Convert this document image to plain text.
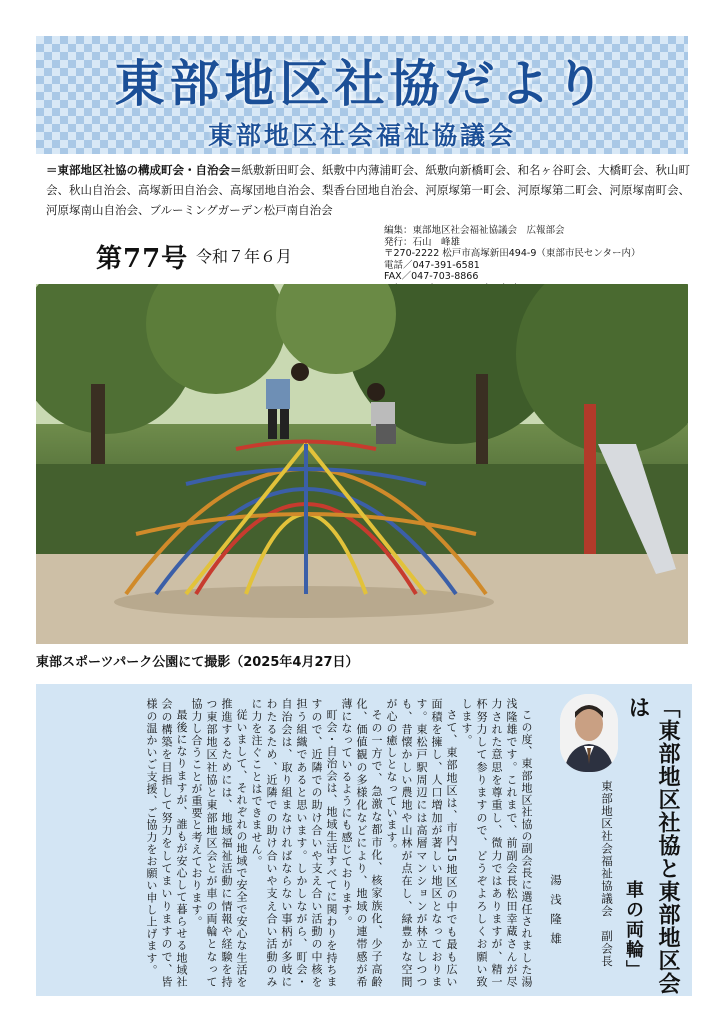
東部地区社協だより
東部地区社会福祉協議会
＝東部地区社協の構成町会・自治会＝紙敷新田町会、紙敷中内薄浦町会、紙敷向新橋町会、和名ヶ谷町会、大橋町会、秋山町会、秋山自治会、高塚新田自治会、高塚団地自治会、梨香台団地自治会、河原塚第一町会、河原塚第二町会、河原塚南町会、河原塚南山自治会、ブルーミングガーデン松戸南自治会
第77号 令和７年６月
編集：東部地区社会福祉協議会　広報部会
発行：石山　峰雄
〒270-2222 松戸市高塚新田494-9（東部市民センター内）
電話／047-391-6581
FAX／047-703-8866
東部スポーツパーク公園にて撮影（2025年4月27日）
「東部地区社協と東部地区会は
車の両輪」
東部地区社会福祉協議会　副会長
湯浅隆雄

この度、東部地区社協の副会長に選任されました湯浅隆雄です。これまで、前副会長松田幸蔵さんが尽力された意思を尊重し、微力ではありますが、精一杯努力して参りますので、どうぞよろしくお願い致します。

さて、東部地区は、市内15地区の中でも最も広い面積を擁し、人口増加が著しい地区となっております。東松戸駅周辺には高層マンションが林立しつつも、昔懐かしい農地や山林が点在し、緑豊かな空間が心の癒しとなっています。

その一方で、急激な都市化、核家族化、少子高齢化、価値観の多様化などにより、地域の連帯感が希薄になっているようにも感じております。

町会・自治会は、地域生活すべてに関わりを持ちますので、近隣での助け合いや支え合い活動の中核を担う組織であると思います。しかしながら、町会・自治会は、取り組まなければならない事柄が多岐にわたるため、近隣での助け合いや支え合い活動のみに力を注ぐことはできません。

従いまして、それぞれの地域で安全で安心な生活を推進するためには、地域福祉活動に情報や経験を持つ東部地区社協と東部地区会とが車の両輪となって協力し合うことが重要と考えております。

最後になりますが、誰もが安心して暮らせる地域社会の構築を目指して努力をしてまいりますので、皆様の温かいご支援、ご協力をお願い申し上げます。
